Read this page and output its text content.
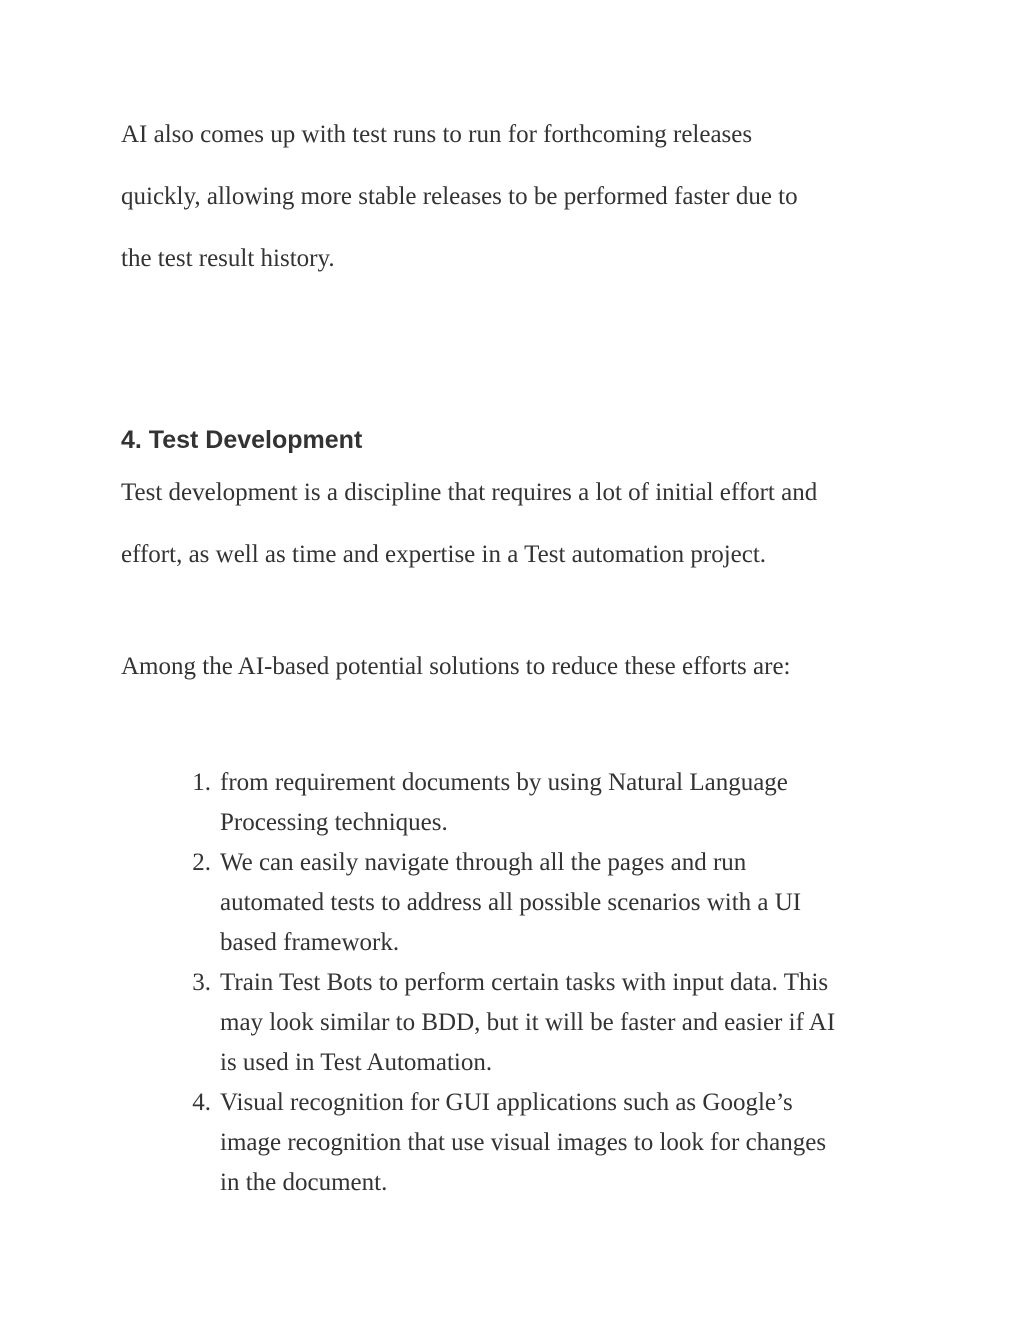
AI also comes up with test runs to run for forthcoming releases
quickly, allowing more stable releases to be performed faster due to
the test result history.
4. Test Development
Test development is a discipline that requires a lot of initial effort and
effort, as well as time and expertise in a Test automation project.
Among the AI-based potential solutions to reduce these efforts are:
1. from requirement documents by using Natural Language
Processing techniques.
2. We can easily navigate through all the pages and run
automated tests to address all possible scenarios with a UI
based framework.
3. Train Test Bots to perform certain tasks with input data. This
may look similar to BDD, but it will be faster and easier if AI
is used in Test Automation.
4. Visual recognition for GUI applications such as Google’s
image recognition that use visual images to look for changes
in the document.
